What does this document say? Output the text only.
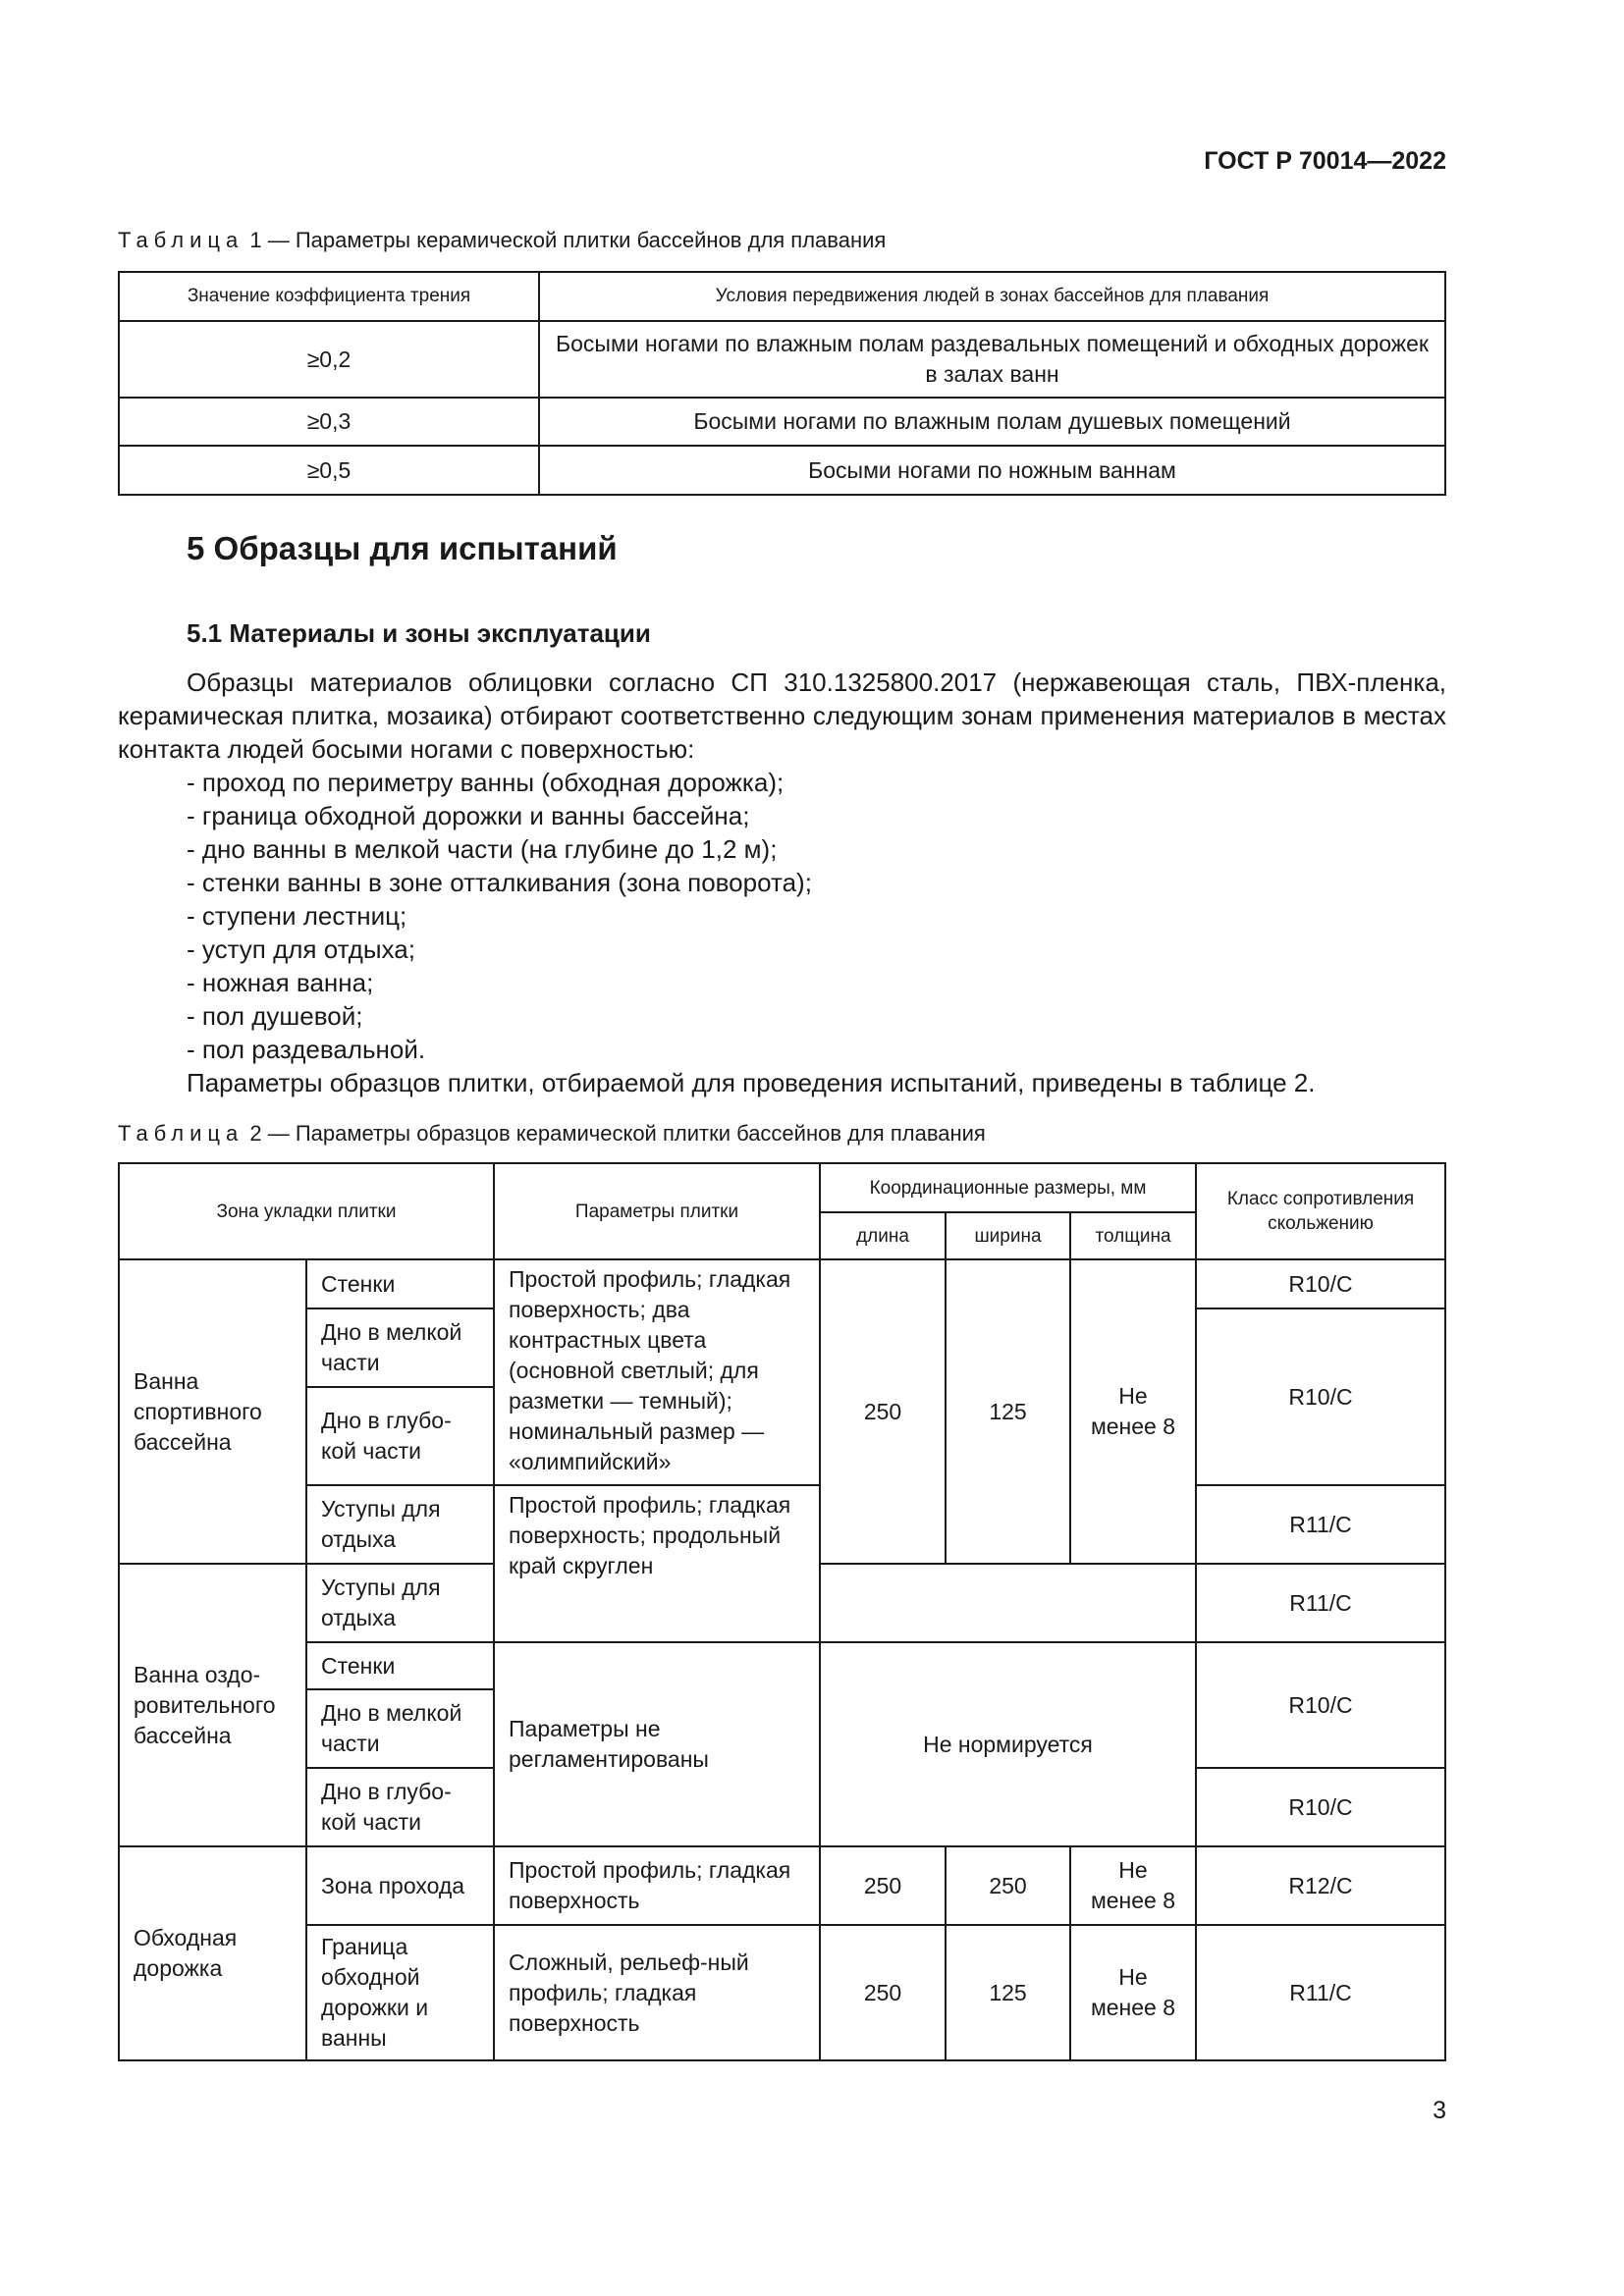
ГОСТ Р 70014—2022
Таблица 1 — Параметры керамической плитки бассейнов для плавания
Значение коэффициента трения	Условия передвижения людей в зонах бассейнов для плавания
≥0,2	Босыми ногами по влажным полам раздевальных помещений и обходных дорожек в залах ванн
≥0,3	Босыми ногами по влажным полам душевых помещений
≥0,5	Босыми ногами по ножным ваннам
5 Образцы для испытаний
5.1 Материалы и зоны эксплуатации

Образцы материалов облицовки согласно СП 310.1325800.2017 (нержавеющая сталь, ПВХ-пленка, керамическая плитка, мозаика) отбирают соответственно следующим зонам применения материалов в местах контакта людей босыми ногами с поверхностью:

- проход по периметру ванны (обходная дорожка);

- граница обходной дорожки и ванны бассейна;

- дно ванны в мелкой части (на глубине до 1,2 м);

- стенки ванны в зоне отталкивания (зона поворота);

- ступени лестниц;

- уступ для отдыха;

- ножная ванна;

- пол душевой;

- пол раздевальной.

Параметры образцов плитки, отбираемой для проведения испытаний, приведены в таблице 2.

Таблица 2 — Параметры образцов керамической плитки бассейнов для плавания
Зона укладки плитки		Параметры плитки	Координационные размеры, мм			Класс сопротивления скольжению
			длина	ширина	толщина	
Ванна спортивного бассейна	Стенки	Простой профиль; гладкая поверхность; два контрастных цвета (основной светлый; для разметки — темный); номинальный размер — «олимпийский»	250	125	Не менее 8	R10/C
	Дно в мелкой части					R10/C
	Дно в глубо-кой части					
	Уступы для отдыха	Простой профиль; гладкая поверхность; продольный край скруглен				R11/C
Ванна оздо-ровительного бассейна	Уступы для отдыха					R11/C
	Стенки	Параметры не регламентированы	Не нормируется			R10/C
	Дно в мелкой части					
	Дно в глубо-кой части					R10/C
Обходная дорожка	Зона прохода	Простой профиль; гладкая поверхность	250	250	Не менее 8	R12/C
	Граница обходной дорожки и ванны	Сложный, рельеф-ный профиль; гладкая поверхность	250	125	Не менее 8	R11/C
3
